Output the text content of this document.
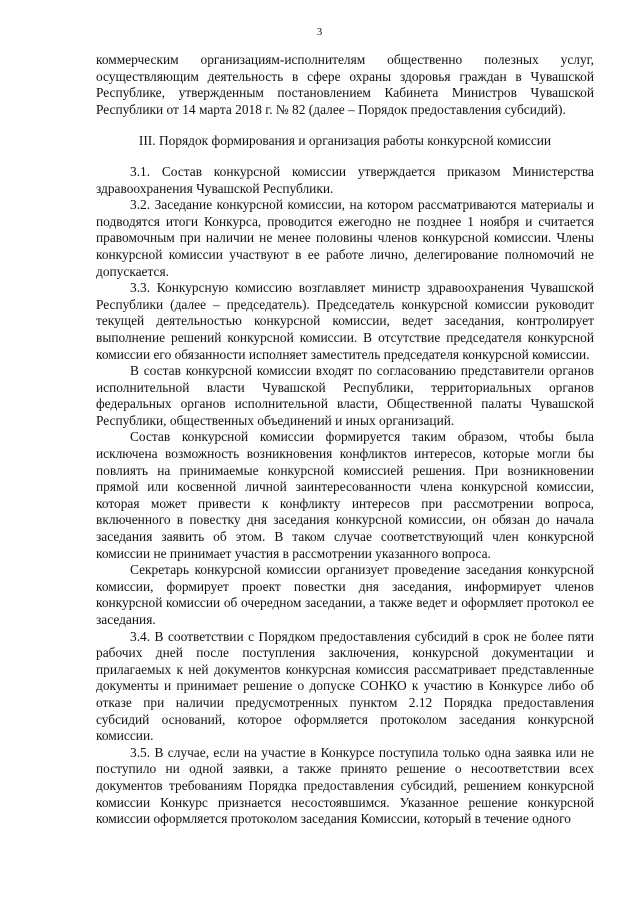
3

коммерческим организациям-исполнителям общественно полезных услуг, осуществляющим деятельность в сфере охраны здоровья граждан в Чувашской Республике, утвержденным постановлением Кабинета Министров Чувашской Республики от 14 марта 2018 г. № 82 (далее – Порядок предоставления субсидий).

III. Порядок формирования и организация работы конкурсной комиссии

3.1. Состав конкурсной комиссии утверждается приказом Министерства здравоохранения Чувашской Республики.

3.2. Заседание конкурсной комиссии, на котором рассматриваются материалы и подводятся итоги Конкурса, проводится ежегодно не позднее 1 ноября и считается правомочным при наличии не менее половины членов конкурсной комиссии. Члены конкурсной комиссии участвуют в ее работе лично, делегирование полномочий не допускается.

3.3. Конкурсную комиссию возглавляет министр здравоохранения Чувашской Республики (далее – председатель). Председатель конкурсной комиссии руководит текущей деятельностью конкурсной комиссии, ведет заседания, контролирует выполнение решений конкурсной комиссии. В отсутствие председателя конкурсной комиссии его обязанности исполняет заместитель председателя конкурсной комиссии.

В состав конкурсной комиссии входят по согласованию представители органов исполнительной власти Чувашской Республики, территориальных органов федеральных органов исполнительной власти, Общественной палаты Чувашской Республики, общественных объединений и иных организаций.

Состав конкурсной комиссии формируется таким образом, чтобы была исключена возможность возникновения конфликтов интересов, которые могли бы повлиять на принимаемые конкурсной комиссией решения. При возникновении прямой или косвенной личной заинтересованности члена конкурсной комиссии, которая может привести к конфликту интересов при рассмотрении вопроса, включенного в повестку дня заседания конкурсной комиссии, он обязан до начала заседания заявить об этом. В таком случае соответствующий член конкурсной комиссии не принимает участия в рассмотрении указанного вопроса.

Секретарь конкурсной комиссии организует проведение заседания конкурсной комиссии, формирует проект повестки дня заседания, информирует членов конкурсной комиссии об очередном заседании, а также ведет и оформляет протокол ее заседания.

3.4. В соответствии с Порядком предоставления субсидий в срок не более пяти рабочих дней после поступления заключения, конкурсной документации и прилагаемых к ней документов конкурсная комиссия рассматривает представленные документы и принимает решение о допуске СОНКО к участию в Конкурсе либо об отказе при наличии предусмотренных пунктом 2.12 Порядка предоставления субсидий оснований, которое оформляется протоколом заседания конкурсной комиссии.

3.5. В случае, если на участие в Конкурсе поступила только одна заявка или не поступило ни одной заявки, а также принято решение о несоответствии всех документов требованиям Порядка предоставления субсидий, решением конкурсной комиссии Конкурс признается несостоявшимся. Указанное решение конкурсной комиссии оформляется протоколом заседания Комиссии, который в течение одного
